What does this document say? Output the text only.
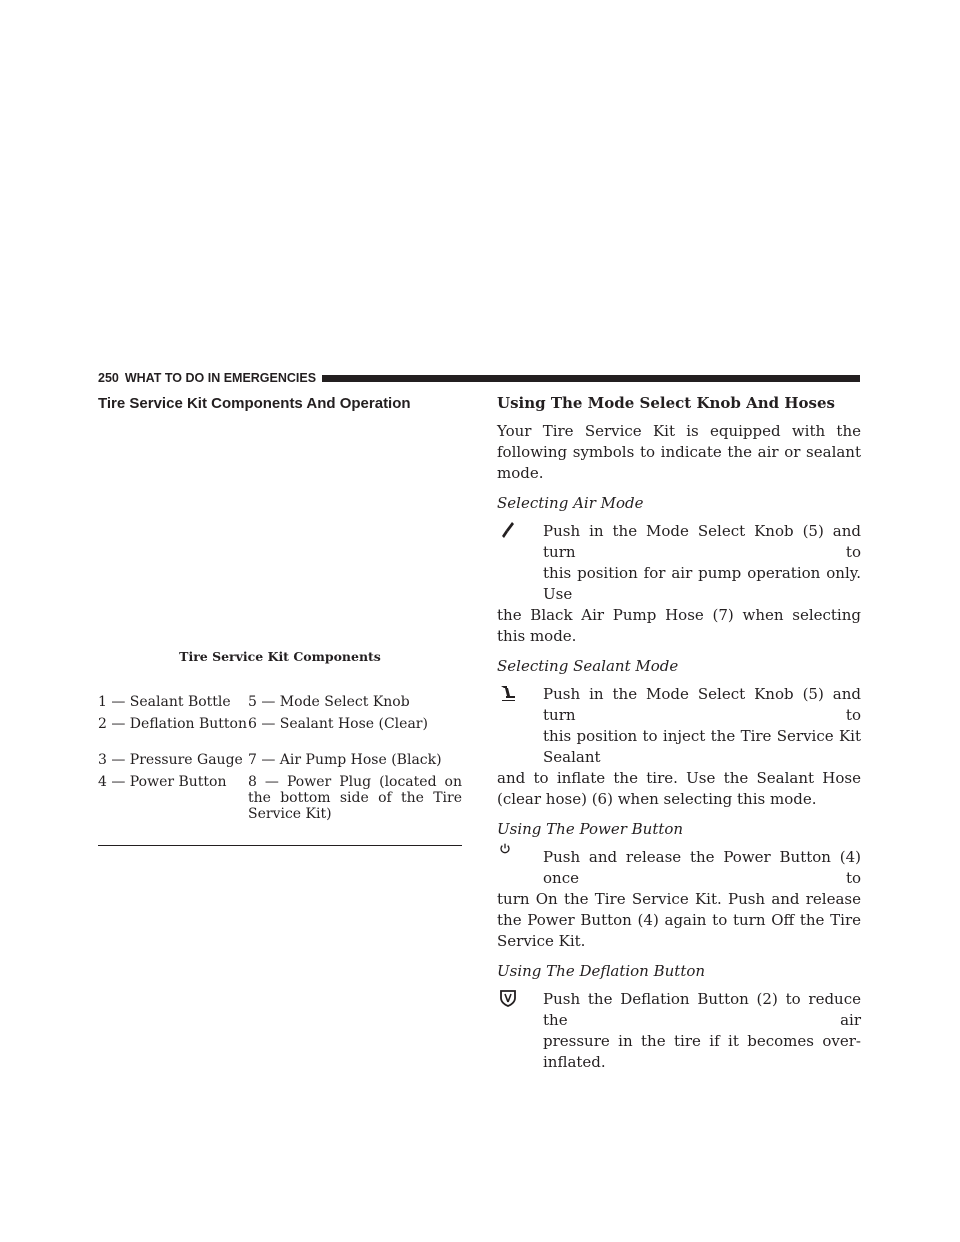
250 WHAT TO DO IN EMERGENCIES
Tire Service Kit Components And Operation

Tire Service Kit Components

1 — Sealant Bottle	5 — Mode Select Knob
2 — Deflation Button	6 — Sealant Hose (Clear)
3 — Pressure Gauge	7 — Air Pump Hose (Black)
4 — Power Button	8 — Power Plug (located on
the bottom side of the Tire
Service Kit)
Using The Mode Select Knob And Hoses

Your Tire Service Kit is equipped with the following symbols to indicate the air or sealant mode.

Selecting Air Mode

Push in the Mode Select Knob (5) and turn to

this position for air pump operation only. Use

the Black Air Pump Hose (7) when selecting this mode.

Selecting Sealant Mode

Push in the Mode Select Knob (5) and turn to

this position to inject the Tire Service Kit Sealant

and to inflate the tire. Use the Sealant Hose (clear hose) (6) when selecting this mode.

Using The Power Button

Push and release the Power Button (4) once to

turn On the Tire Service Kit. Push and release the Power Button (4) again to turn Off the Tire Service Kit.

Using The Deflation Button

Push the Deflation Button (2) to reduce the air

pressure in the tire if it becomes over-inflated.
